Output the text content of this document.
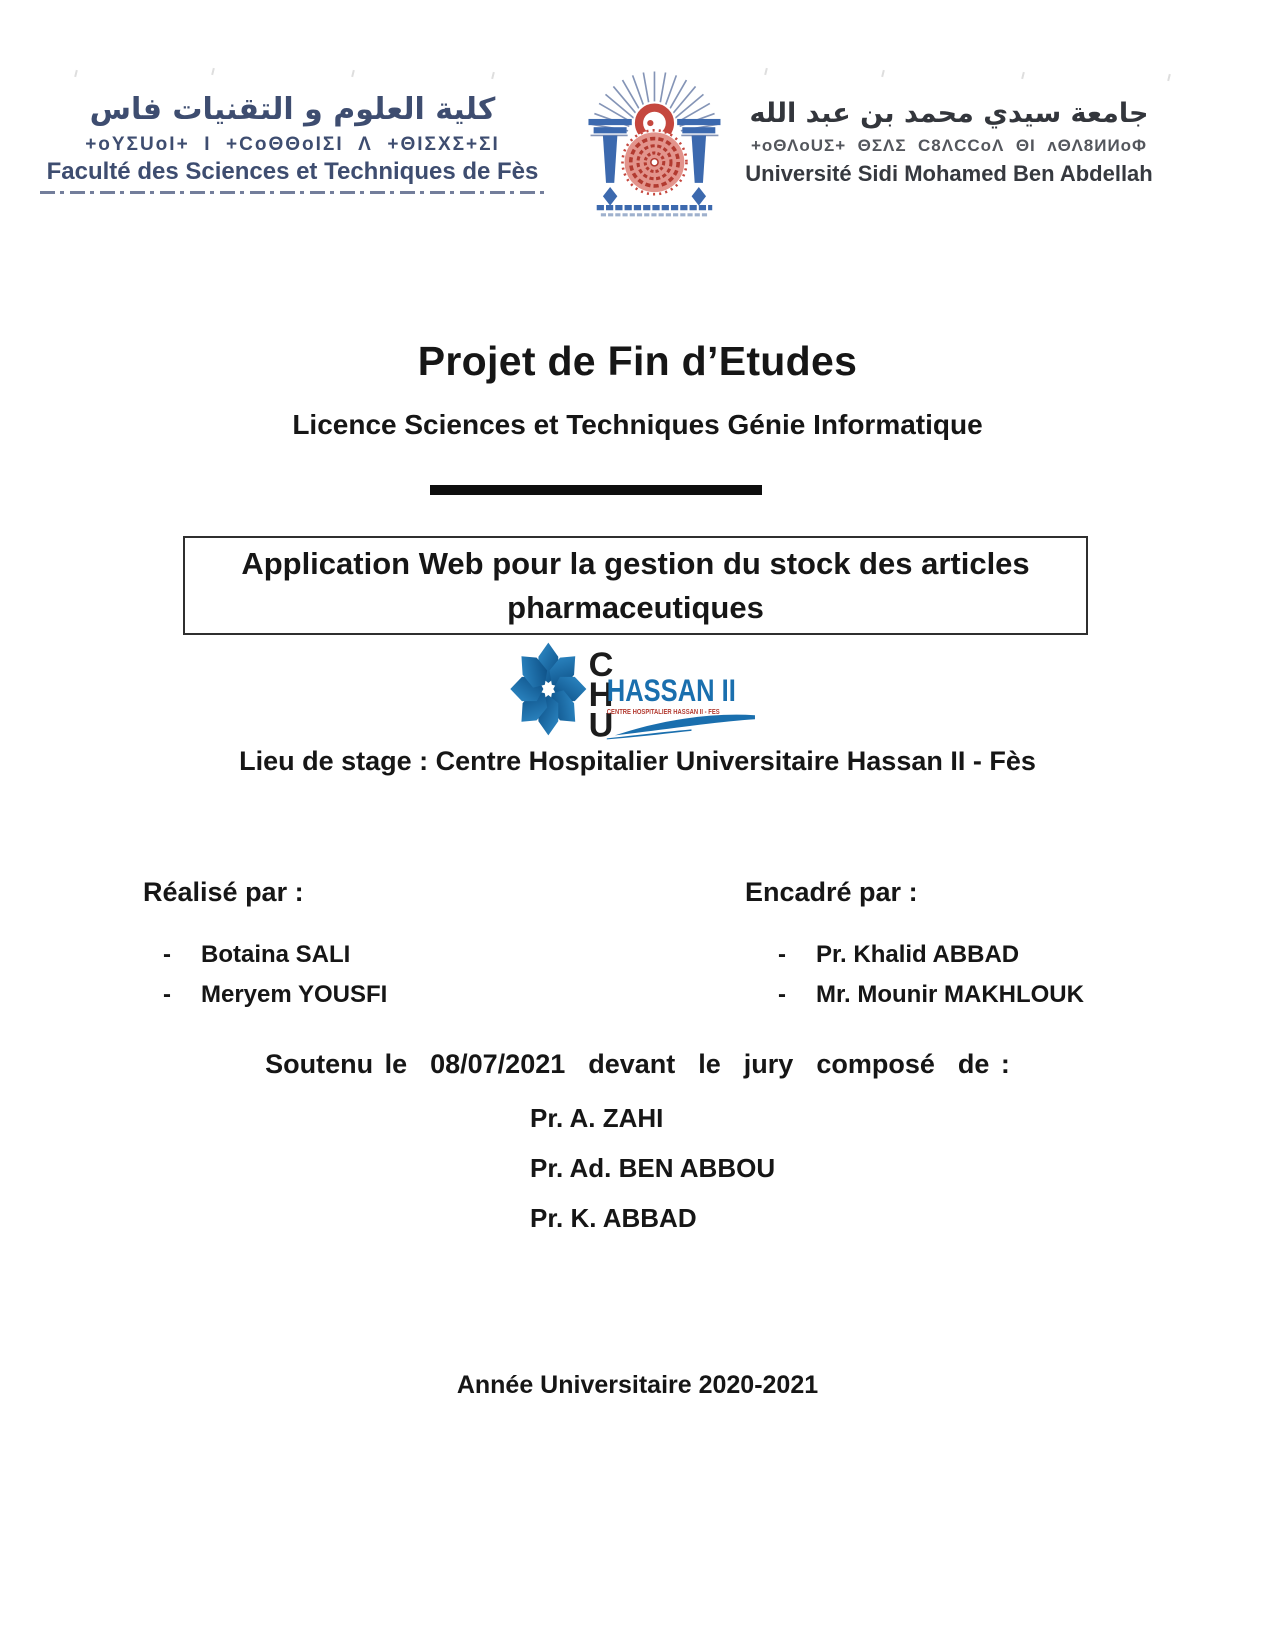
كلية العلوم و التقنيات فاس
+oYΣUoI+  I  +CoΘΘoIΣI  Λ  +ΘIΣXΣ+ΣI
Faculté des Sciences et Techniques de Fès
جامعة سيدي محمد بن عبد الله
+oΘΛoUΣ+  ΘΣΛΣ  C8ΛCCoΛ  ΘI  ʌΘΛ8ИИoΦ
Université Sidi Mohamed Ben Abdellah
Projet de Fin d’Etudes
Licence Sciences et Techniques Génie Informatique
Application Web pour la gestion du stock des articles
pharmaceutiques
C
H
U
HASSAN II
CENTRE HOSPITALIER HASSAN II - FES
Lieu de stage : Centre Hospitalier Universitaire Hassan II - Fès
Réalisé par :	Encadré par :
-	Botaina SALI
-	Meryem YOUSFI
-	Pr. Khalid ABBAD
-	Mr. Mounir MAKHLOUK
Soutenu le  08/07/2021  devant  le  jury  composé  de :
Pr. A. ZAHI
Pr. Ad. BEN ABBOU
Pr. K. ABBAD
Année Universitaire 2020-2021
